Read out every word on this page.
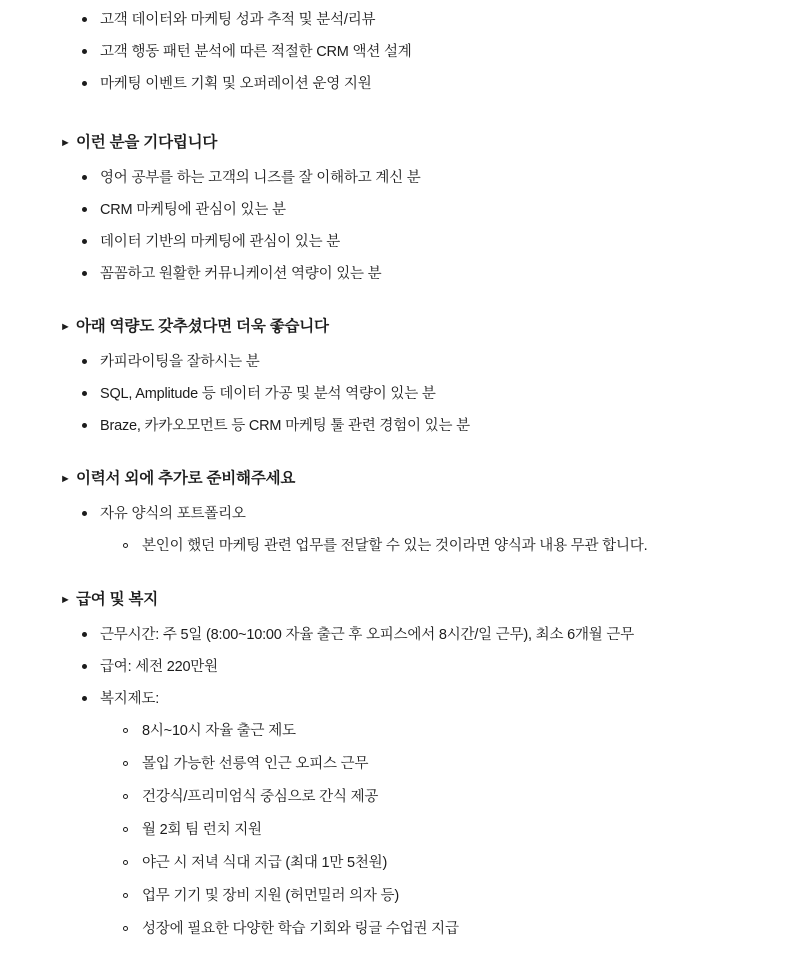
고객 데이터와 마케팅 성과 추적 및 분석/리뷰
고객 행동 패턴 분석에 따른 적절한 CRM 액션 설계
마케팅 이벤트 기획 및 오퍼레이션 운영 지원
► 이런 분을 기다립니다
영어 공부를 하는 고객의 니즈를 잘 이해하고 계신 분
CRM 마케팅에 관심이 있는 분
데이터 기반의 마케팅에 관심이 있는 분
꼼꼼하고 원활한 커뮤니케이션 역량이 있는 분
► 아래 역량도 갖추셨다면 더욱 좋습니다
카피라이팅을 잘하시는 분
SQL, Amplitude 등 데이터 가공 및 분석 역량이 있는 분
Braze, 카카오모먼트 등 CRM 마케팅 툴 관련 경험이 있는 분
► 이력서 외에 추가로 준비해주세요
자유 양식의 포트폴리오
본인이 했던 마케팅 관련 업무를 전달할 수 있는 것이라면 양식과 내용 무관 합니다.
► 급여 및 복지
근무시간: 주 5일 (8:00~10:00 자율 출근 후 오피스에서 8시간/일 근무), 최소 6개월 근무
급여: 세전 220만원
복지제도:
8시~10시 자율 출근 제도
몰입 가능한 선릉역 인근 오피스 근무
건강식/프리미엄식 중심으로 간식 제공
월 2회 팀 런치 지원
야근 시 저녁 식대 지급 (최대 1만 5천원)
업무 기기 및 장비 지원 (허먼밀러 의자 등)
성장에 필요한 다양한 학습 기회와 링글 수업권 지급
